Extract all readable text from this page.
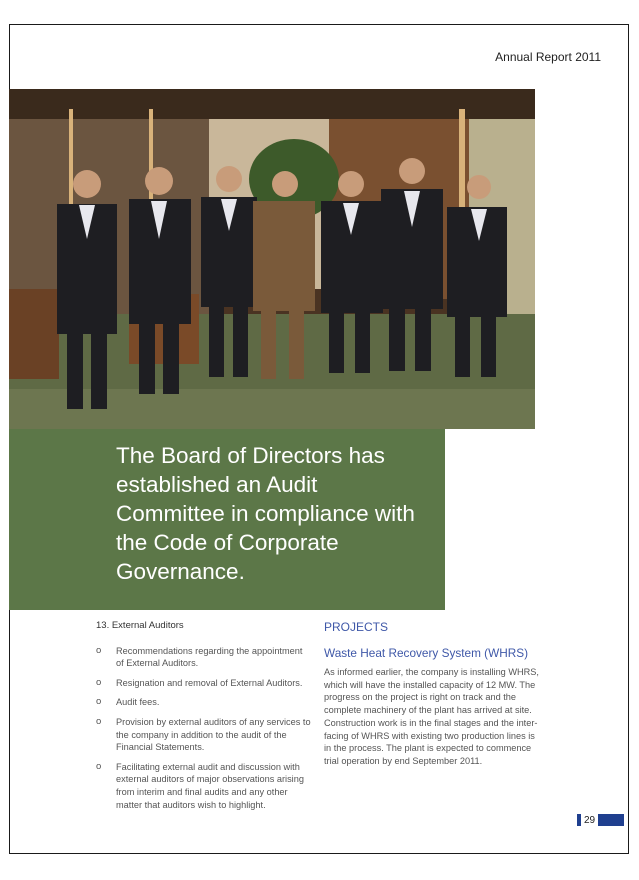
Annual Report 2011
The Board of Directors has established an Audit Committee in compliance with the Code of Corporate Governance.
13. External Auditors
o Recommendations regarding the appointment of External Auditors.
o Resignation and removal of External Auditors.
o Audit fees.
o Provision by external auditors of any services to the company in addition to the audit of the Financial Statements.
o Facilitating external audit and discussion with external auditors of major observations arising from interim and final audits and any other matter that auditors wish to highlight.
PROJECTS
Waste Heat Recovery System (WHRS)
As informed earlier, the company is installing WHRS, which will have the installed capacity of 12 MW. The progress on the project is right on track and the complete machinery of the plant has arrived at site. Construction work is in the final stages and the inter-facing of WHRS with existing two production lines is in the process. The plant is expected to commence trial operation by end September 2011.
29
